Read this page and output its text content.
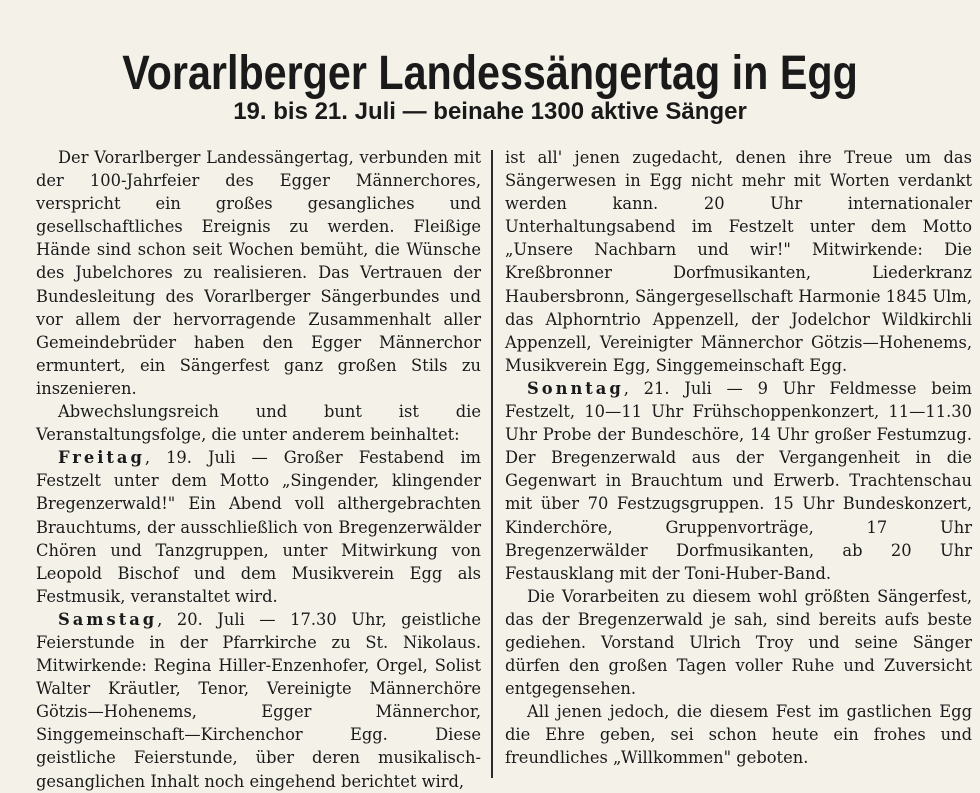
Vorarlberger Landessängertag in Egg
19. bis 21. Juli — beinahe 1300 aktive Sänger

Der Vorarlberger Landessängertag, verbunden mit der 100-Jahrfeier des Egger Männerchores, verspricht ein großes gesangliches und gesellschaftliches Ereignis zu werden. Fleißige Hände sind schon seit Wochen bemüht, die Wünsche des Jubelchores zu realisieren. Das Vertrauen der Bundesleitung des Vorarlberger Sängerbundes und vor allem der hervorragende Zusammenhalt aller Gemeindebrüder haben den Egger Männerchor ermuntert, ein Sängerfest ganz großen Stils zu inszenieren.

Abwechslungsreich und bunt ist die Veranstaltungsfolge, die unter anderem beinhaltet:

Freitag, 19. Juli — Großer Festabend im Festzelt unter dem Motto „Singender, klingender Bregenzerwald!" Ein Abend voll althergebrachten Brauchtums, der ausschließlich von Bregenzerwälder Chören und Tanzgruppen, unter Mitwirkung von Leopold Bischof und dem Musikverein Egg als Festmusik, veranstaltet wird.

Samstag, 20. Juli — 17.30 Uhr, geistliche Feierstunde in der Pfarrkirche zu St. Nikolaus. Mitwirkende: Regina Hiller-Enzenhofer, Orgel, Solist Walter Kräutler, Tenor, Vereinigte Männerchöre Götzis—Hohenems, Egger Männerchor, Singgemeinschaft—Kirchenchor Egg. Diese geistliche Feierstunde, über deren musikalisch-gesanglichen Inhalt noch eingehend berichtet wird,

ist all' jenen zugedacht, denen ihre Treue um das Sängerwesen in Egg nicht mehr mit Worten verdankt werden kann. 20 Uhr internationaler Unterhaltungsabend im Festzelt unter dem Motto „Unsere Nachbarn und wir!" Mitwirkende: Die Kreßbronner Dorfmusikanten, Liederkranz Haubersbronn, Sängergesellschaft Harmonie 1845 Ulm, das Alphorntrio Appenzell, der Jodelchor Wildkirchli Appenzell, Vereinigter Männerchor Götzis—Hohenems, Musikverein Egg, Singgemeinschaft Egg.

Sonntag, 21. Juli — 9 Uhr Feldmesse beim Festzelt, 10—11 Uhr Frühschoppenkonzert, 11—11.30 Uhr Probe der Bundeschöre, 14 Uhr großer Festumzug. Der Bregenzerwald aus der Vergangenheit in die Gegenwart in Brauchtum und Erwerb. Trachtenschau mit über 70 Festzugsgruppen. 15 Uhr Bundeskonzert, Kinderchöre, Gruppenvorträge, 17 Uhr Bregenzerwälder Dorfmusikanten, ab 20 Uhr Festausklang mit der Toni-Huber-Band.

Die Vorarbeiten zu diesem wohl größten Sängerfest, das der Bregenzerwald je sah, sind bereits aufs beste gediehen. Vorstand Ulrich Troy und seine Sänger dürfen den großen Tagen voller Ruhe und Zuversicht entgegensehen.

All jenen jedoch, die diesem Fest im gastlichen Egg die Ehre geben, sei schon heute ein frohes und freundliches „Willkommen" geboten.
